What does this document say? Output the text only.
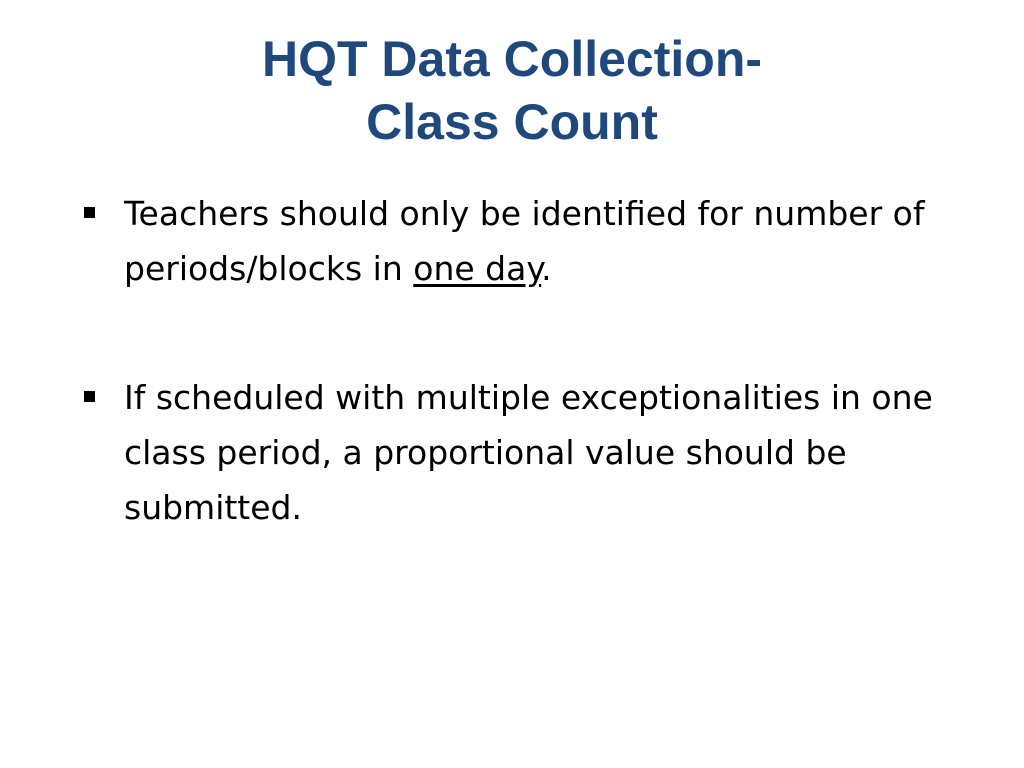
HQT Data Collection-
Class Count
Teachers should only be identified for number of periods/blocks in one day.
If scheduled with multiple exceptionalities in one class period, a proportional value should be submitted.
